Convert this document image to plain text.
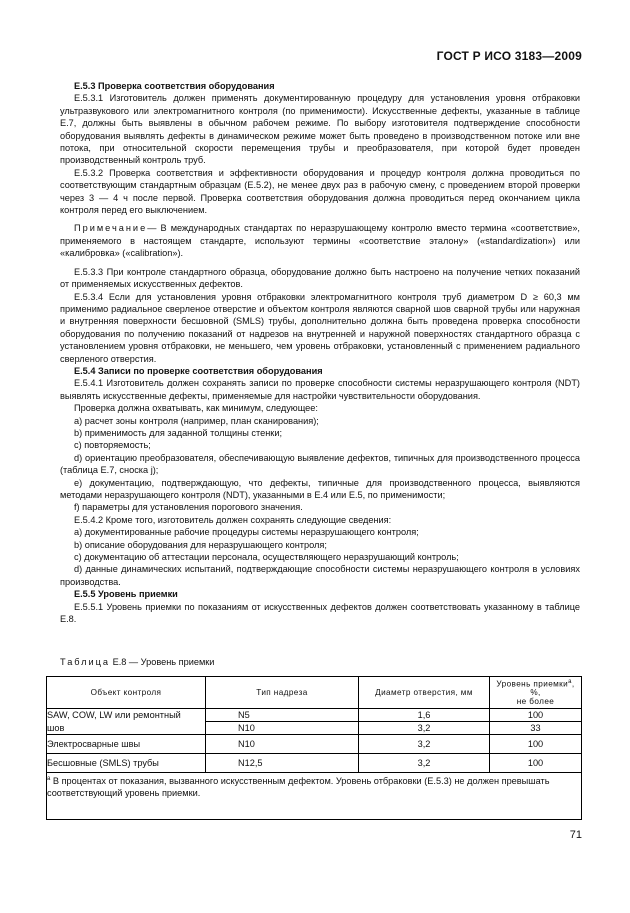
ГОСТ Р ИСО 3183—2009

E.5.3 Проверка соответствия оборудования

E.5.3.1 Изготовитель должен применять документированную процедуру для установления уровня отбраковки ультразвукового или электромагнитного контроля (по применимости). Искусственные дефекты, указанные в таблице E.7, должны быть выявлены в обычном рабочем режиме. По выбору изготовителя подтверждение способности оборудования выявлять дефекты в динамическом режиме может быть проведено в производственном потоке или вне потока, при относительной скорости перемещения трубы и преобразователя, при которой будет проведен производственный контроль труб.

E.5.3.2 Проверка соответствия и эффективности оборудования и процедур контроля должна проводиться по соответствующим стандартным образцам (E.5.2), не менее двух раз в рабочую смену, с проведением второй проверки через 3 — 4 ч после первой. Проверка соответствия оборудования должна проводиться перед окончанием цикла контроля перед его выключением.

Примечание— В международных стандартах по неразрушающему контролю вместо термина «соответствие», применяемого в настоящем стандарте, используют термины «соответствие эталону» («standardization») или «калибровка» («calibration»).

E.5.3.3 При контроле стандартного образца, оборудование должно быть настроено на получение четких показаний от применяемых искусственных дефектов.

E.5.3.4 Если для установления уровня отбраковки электромагнитного контроля труб диаметром D ≥ 60,3 мм применимо радиальное сверленое отверстие и объектом контроля являются сварной шов сварной трубы или наружная и внутренняя поверхности бесшовной (SMLS) трубы, дополнительно должна быть проведена проверка способности оборудования по получению показаний от надрезов на внутренней и наружной поверхностях стандартного образца с установлением уровня отбраковки, не меньшего, чем уровень отбраковки, установленный с применением радиального сверленого отверстия.

E.5.4 Записи по проверке соответствия оборудования

E.5.4.1 Изготовитель должен сохранять записи по проверке способности системы неразрушающего контроля (NDT) выявлять искусственные дефекты, применяемые для настройки чувствительности оборудования.

Проверка должна охватывать, как минимум, следующее:

a) расчет зоны контроля (например, план сканирования);

b) применимость для заданной толщины стенки;

c) повторяемость;

d) ориентацию преобразователя, обеспечивающую выявление дефектов, типичных для производственного процесса (таблица E.7, сноска j);

e) документацию, подтверждающую, что дефекты, типичные для производственного процесса, выявляются методами неразрушающего контроля (NDT), указанными в E.4 или E.5, по применимости;

f) параметры для установления порогового значения.

E.5.4.2 Кроме того, изготовитель должен сохранять следующие сведения:

a) документированные рабочие процедуры системы неразрушающего контроля;

b) описание оборудования для неразрушающего контроля;

c) документацию об аттестации персонала, осуществляющего неразрушающий контроль;

d) данные динамических испытаний, подтверждающие способности системы неразрушающего контроля в условиях производства.

E.5.5 Уровень приемки

E.5.5.1 Уровень приемки по показаниям от искусственных дефектов должен соответствовать указанному в таблице E.8.

Таблица E.8 — Уровень приемки
Объект контроля	Тип надреза	Диаметр отверстия, мм	Уровень приемки$^a$, %,
не более
SAW, COW, LW или ремонтный	N5	1,6	100
шов	N10	3,2	33
Электросварные швы	N10	3,2	100
Бесшовные (SMLS) трубы	N12,5	3,2	100
$^a$ В процентах от показания, вызванного искусственным дефектом. Уровень отбраковки (E.5.3) не должен превышать соответствующий уровень приемки.			
71
